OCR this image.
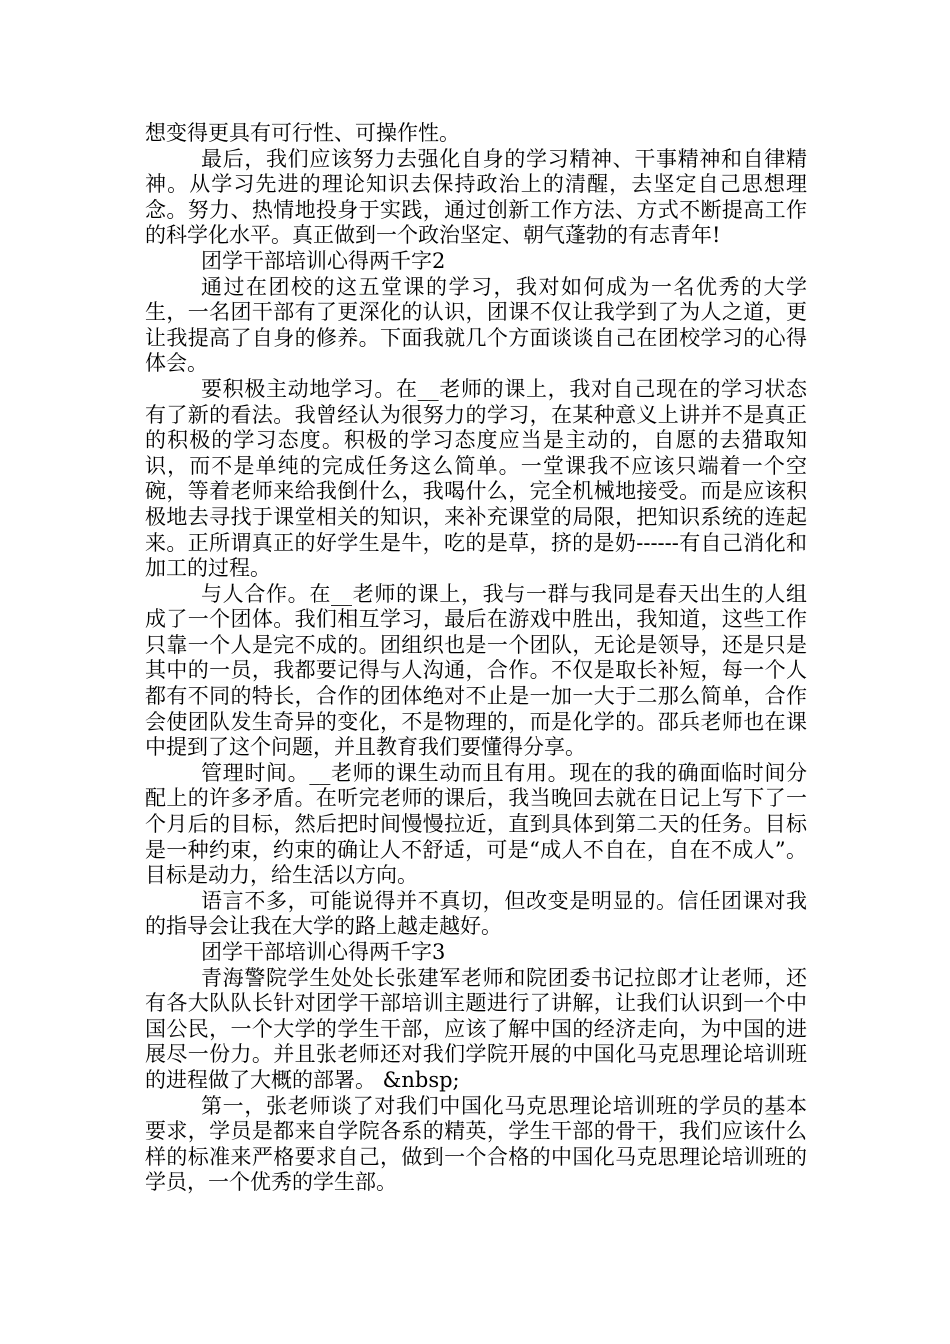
想变得更具有可行性、可操作性。

最后，我们应该努力去强化自身的学习精神、干事精神和自律精神。从学习先进的理论知识去保持政治上的清醒，去坚定自己思想理念。努力、热情地投身于实践，通过创新工作方法、方式不断提高工作的科学化水平。真正做到一个政治坚定、朝气蓬勃的有志青年!

团学干部培训心得两千字2

通过在团校的这五堂课的学习，我对如何成为一名优秀的大学生，一名团干部有了更深化的认识，团课不仅让我学到了为人之道，更让我提高了自身的修养。下面我就几个方面谈谈自己在团校学习的心得体会。

要积极主动地学习。在__老师的课上，我对自己现在的学习状态有了新的看法。我曾经认为很努力的学习，在某种意义上讲并不是真正的积极的学习态度。积极的学习态度应当是主动的，自愿的去猎取知识，而不是单纯的完成任务这么简单。一堂课我不应该只端着一个空碗，等着老师来给我倒什么，我喝什么，完全机械地接受。而是应该积极地去寻找于课堂相关的知识，来补充课堂的局限，把知识系统的连起来。正所谓真正的好学生是牛，吃的是草，挤的是奶------有自己消化和加工的过程。

与人合作。在__老师的课上，我与一群与我同是春天出生的人组成了一个团体。我们相互学习，最后在游戏中胜出，我知道，这些工作只靠一个人是完不成的。团组织也是一个团队，无论是领导，还是只是其中的一员，我都要记得与人沟通，合作。不仅是取长补短，每一个人都有不同的特长，合作的团体绝对不止是一加一大于二那么简单，合作会使团队发生奇异的变化，不是物理的，而是化学的。邵兵老师也在课中提到了这个问题，并且教育我们要懂得分享。

管理时间。__老师的课生动而且有用。现在的我的确面临时间分配上的许多矛盾。在听完老师的课后，我当晚回去就在日记上写下了一个月后的目标，然后把时间慢慢拉近，直到具体到第二天的任务。目标是一种约束，约束的确让人不舒适，可是“成人不自在，自在不成人”。目标是动力，给生活以方向。

语言不多，可能说得并不真切，但改变是明显的。信任团课对我的指导会让我在大学的路上越走越好。

团学干部培训心得两千字3

青海警院学生处处长张建军老师和院团委书记拉郎才让老师，还有各大队队长针对团学干部培训主题进行了讲解，让我们认识到一个中国公民，一个大学的学生干部，应该了解中国的经济走向，为中国的进展尽一份力。并且张老师还对我们学院开展的中国化马克思理论培训班的进程做了大概的部署。 &nbsp;

第一，张老师谈了对我们中国化马克思理论培训班的学员的基本要求，学员是都来自学院各系的精英，学生干部的骨干，我们应该什么样的标准来严格要求自己，做到一个合格的中国化马克思理论培训班的学员，一个优秀的学生部。
